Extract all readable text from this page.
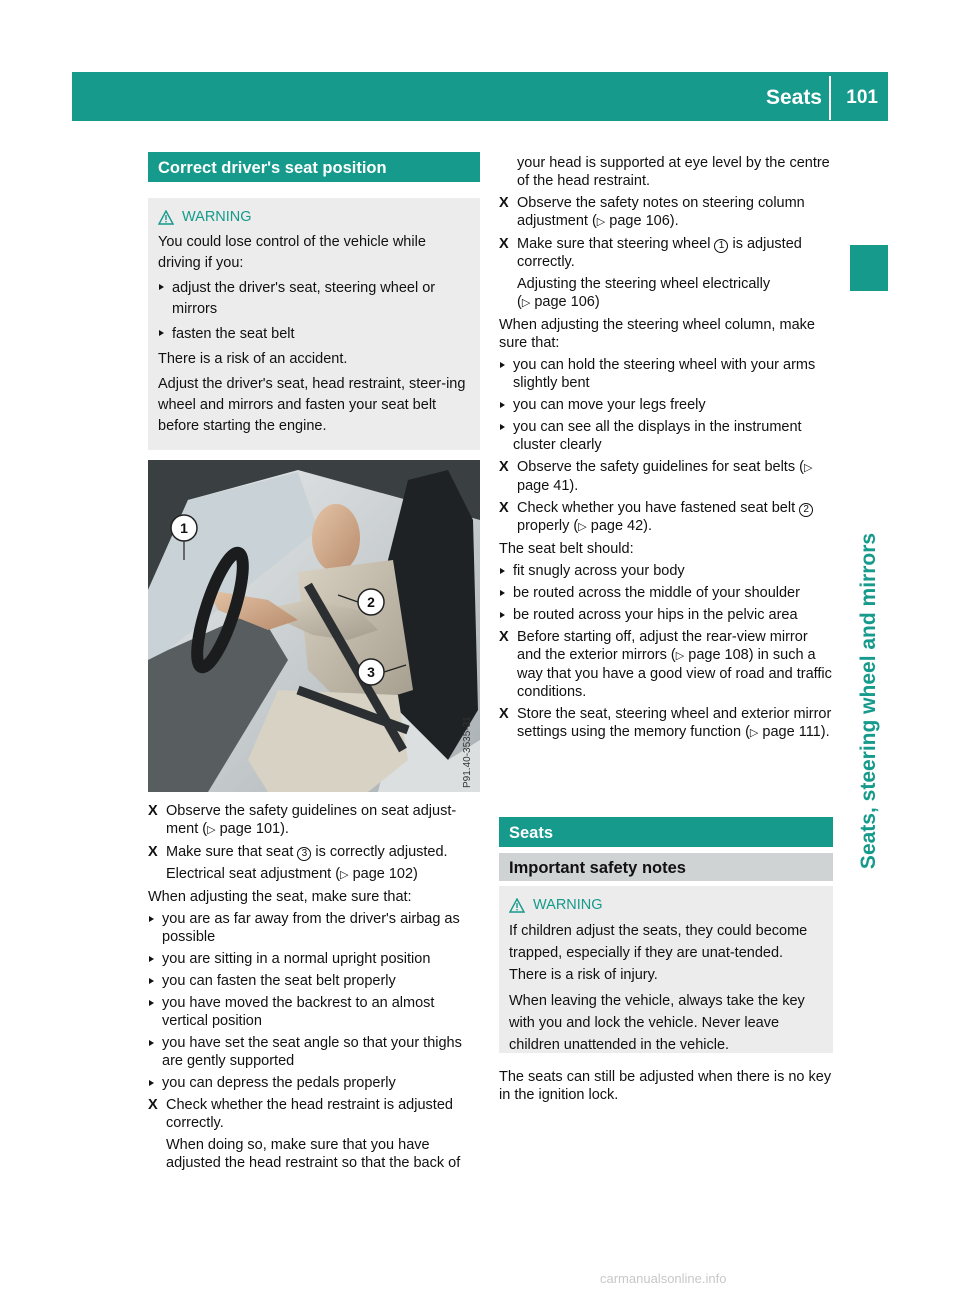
Seats 101
Seats, steering wheel and mirrors
Correct driver's seat position
WARNING

You could lose control of the vehicle while driving if you:

adjust the driver's seat, steering wheel or mirrors
fasten the seat belt

There is a risk of an accident.

Adjust the driver's seat, head restraint, steer-ing wheel and mirrors and fasten your seat belt before starting the engine.

1
2
3
P91.40-3535-31
X Observe the safety guidelines on seat adjust-ment (▷ page 101).
X Make sure that seat 3 is correctly adjusted.
Electrical seat adjustment (▷ page 102)
When adjusting the seat, make sure that:
you are as far away from the driver's airbag as possible
you are sitting in a normal upright position
you can fasten the seat belt properly
you have moved the backrest to an almost vertical position
you have set the seat angle so that your thighs are gently supported
you can depress the pedals properly
X Check whether the head restraint is adjusted correctly.
When doing so, make sure that you have adjusted the head restraint so that the back of
your head is supported at eye level by the centre of the head restraint.
X Observe the safety notes on steering column adjustment (▷ page 106).
X Make sure that steering wheel 1 is adjusted correctly.
Adjusting the steering wheel electrically
(▷ page 106)
When adjusting the steering wheel column, make sure that:
you can hold the steering wheel with your arms slightly bent
you can move your legs freely
you can see all the displays in the instrument cluster clearly
X Observe the safety guidelines for seat belts (▷ page 41).
X Check whether you have fastened seat belt 2 properly (▷ page 42).
The seat belt should:
fit snugly across your body
be routed across the middle of your shoulder
be routed across your hips in the pelvic area
X Before starting off, adjust the rear-view mirror and the exterior mirrors (▷ page 108) in such a way that you have a good view of road and traffic conditions.
X Store the seat, steering wheel and exterior mirror settings using the memory function (▷ page 111).
Seats
Important safety notes
WARNING

If children adjust the seats, they could become trapped, especially if they are unat-tended. There is a risk of injury.

When leaving the vehicle, always take the key with you and lock the vehicle. Never leave children unattended in the vehicle.

The seats can still be adjusted when there is no key in the ignition lock.
carmanualsonline.info
